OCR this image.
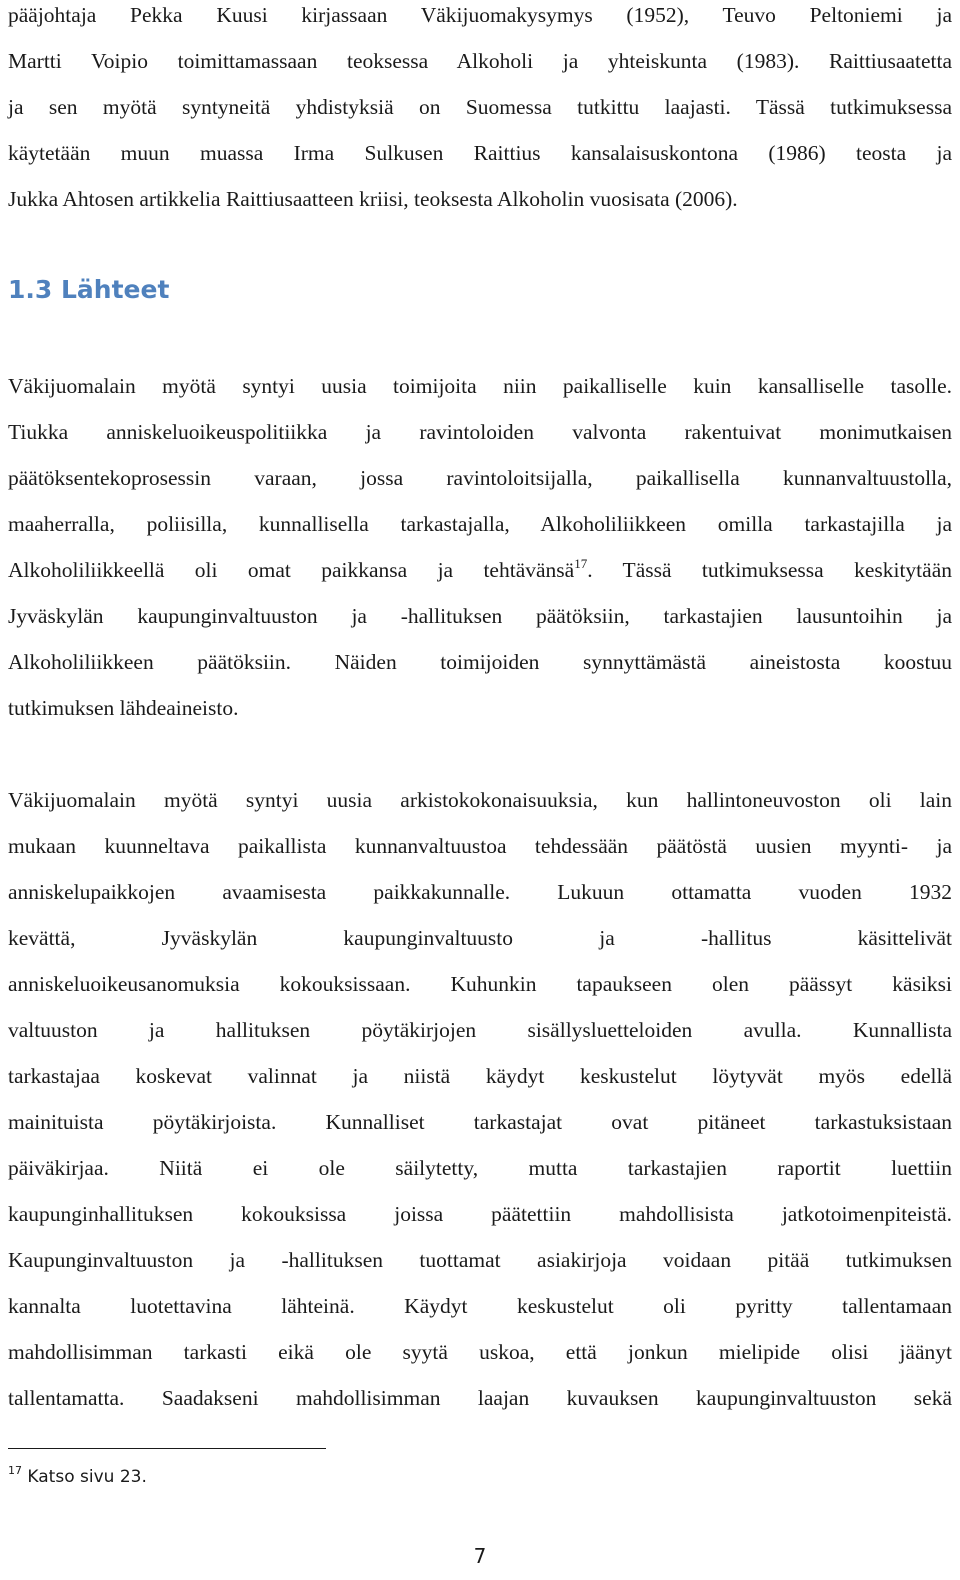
pääjohtaja Pekka Kuusi kirjassaan Väkijuomakysymys (1952), Teuvo Peltoniemi ja
Martti Voipio toimittamassaan teoksessa Alkoholi ja yhteiskunta (1983). Raittiusaatetta
ja sen myötä syntyneitä yhdistyksiä on Suomessa tutkittu laajasti. Tässä tutkimuksessa
käytetään muun muassa Irma Sulkusen Raittius kansalaisuskontona (1986) teosta ja
Jukka Ahtosen artikkelia Raittiusaatteen kriisi, teoksesta Alkoholin vuosisata (2006).

1.3 Lähteet

Väkijuomalain myötä syntyi uusia toimijoita niin paikalliselle kuin kansalliselle tasolle.
Tiukka anniskeluoikeuspolitiikka ja ravintoloiden valvonta rakentuivat monimutkaisen
päätöksentekoprosessin varaan, jossa ravintoloitsijalla, paikallisella kunnanvaltuustolla,
maaherralla, poliisilla, kunnallisella tarkastajalla, Alkoholiliikkeen omilla tarkastajilla ja
Alkoholiliikkeellä oli omat paikkansa ja tehtävänsä$^{17}$. Tässä tutkimuksessa keskitytään
Jyväskylän kaupunginvaltuuston ja -hallituksen päätöksiin, tarkastajien lausuntoihin ja
Alkoholiliikkeen päätöksiin. Näiden toimijoiden synnyttämästä aineistosta koostuu
tutkimuksen lähdeaineisto.

Väkijuomalain myötä syntyi uusia arkistokokonaisuuksia, kun hallintoneuvoston oli lain
mukaan kuunneltava paikallista kunnanvaltuustoa tehdessään päätöstä uusien myynti- ja
anniskelupaikkojen avaamisesta paikkakunnalle. Lukuun ottamatta vuoden 1932
kevättä, Jyväskylän kaupunginvaltuusto ja -hallitus käsittelivät
anniskeluoikeusanomuksia kokouksissaan. Kuhunkin tapaukseen olen päässyt käsiksi
valtuuston ja hallituksen pöytäkirjojen sisällysluetteloiden avulla. Kunnallista
tarkastajaa koskevat valinnat ja niistä käydyt keskustelut löytyvät myös edellä
mainituista pöytäkirjoista. Kunnalliset tarkastajat ovat pitäneet tarkastuksistaan
päiväkirjaa. Niitä ei ole säilytetty, mutta tarkastajien raportit luettiin
kaupunginhallituksen kokouksissa joissa päätettiin mahdollisista jatkotoimenpiteistä.
Kaupunginvaltuuston ja -hallituksen tuottamat asiakirjoja voidaan pitää tutkimuksen
kannalta luotettavina lähteinä. Käydyt keskustelut oli pyritty tallentamaan
mahdollisimman tarkasti eikä ole syytä uskoa, että jonkun mielipide olisi jäänyt
tallentamatta. Saadakseni mahdollisimman laajan kuvauksen kaupunginvaltuuston sekä

$^{17}$ Katso sivu 23.

7
